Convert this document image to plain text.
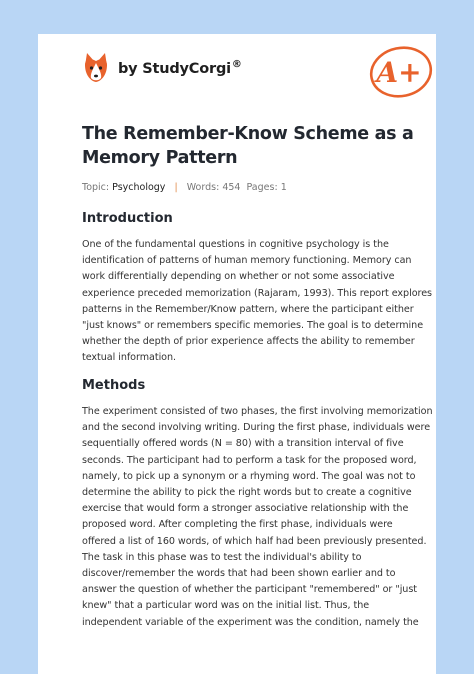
by StudyCorgi®	A+
The Remember-Know Scheme as a
Memory Pattern
Topic: Psychology | Words: 454 Pages: 1
Introduction
One of the fundamental questions in cognitive psychology is the
identification of patterns of human memory functioning. Memory can
work differentially depending on whether or not some associative
experience preceded memorization (Rajaram, 1993). This report explores
patterns in the Remember/Know pattern, where the participant either
"just knows" or remembers specific memories. The goal is to determine
whether the depth of prior experience affects the ability to remember
textual information.
Methods
The experiment consisted of two phases, the first involving memorization
and the second involving writing. During the first phase, individuals were
sequentially offered words (N = 80) with a transition interval of five
seconds. The participant had to perform a task for the proposed word,
namely, to pick up a synonym or a rhyming word. The goal was not to
determine the ability to pick the right words but to create a cognitive
exercise that would form a stronger associative relationship with the
proposed word. After completing the first phase, individuals were
offered a list of 160 words, of which half had been previously presented.
The task in this phase was to test the individual's ability to
discover/remember the words that had been shown earlier and to
answer the question of whether the participant "remembered" or "just
knew" that a particular word was on the initial list. Thus, the
independent variable of the experiment was the condition, namely the
